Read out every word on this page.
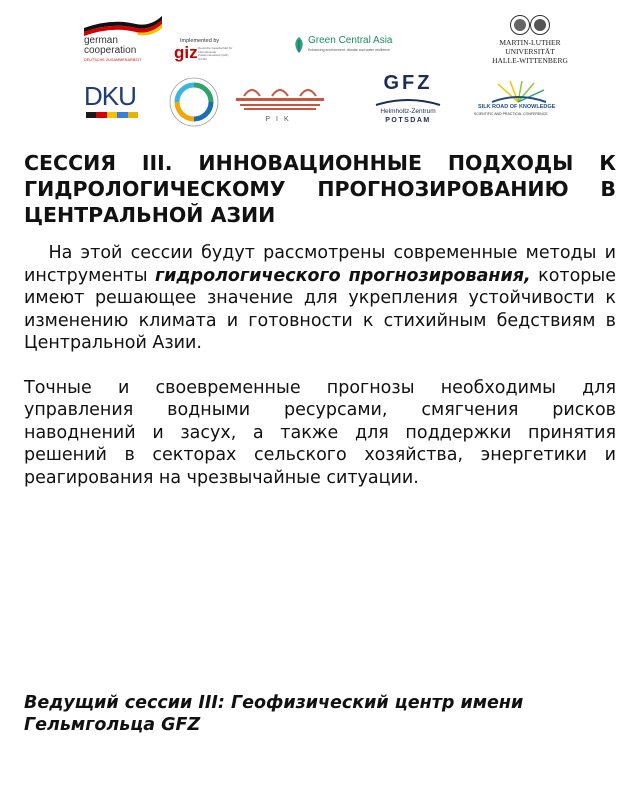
german
cooperation
DEUTSCHE ZUSAMMENARBEIT
Implemented by
giz Deutsche Gesellschaft für Internationale Zusammenarbeit (GIZ) GmbH
Green Central Asia
Enhancing environment, climate and water resilience
MARTIN-LUTHER
UNIVERSITÄT
HALLE-WITTENBERG
DKU
PIK
GFZ
Helmholtz-Zentrum
POTSDAM
SILK ROAD OF KNOWLEDGE
SCIENTIFIC AND PRACTICAL CONFERENCE
СЕССИЯ III. ИННОВАЦИОННЫЕ ПОДХОДЫ К ГИДРОЛОГИЧЕСКОМУ ПРОГНОЗИРОВАНИЮ В ЦЕНТРАЛЬНОЙ АЗИИ

На этой сессии будут рассмотрены современные методы и инструменты гидрологического прогнозирования, которые имеют решающее значение для укрепления устойчивости к изменению климата и готовности к стихийным бедствиям в Центральной Азии.

Точные и своевременные прогнозы необходимы для управления водными ресурсами, смягчения рисков наводнений и засух, а также для поддержки принятия решений в секторах сельского хозяйства, энергетики и реагирования на чрезвычайные ситуации.

Ведущий сессии III: Геофизический центр имени Гельмгольца GFZ
